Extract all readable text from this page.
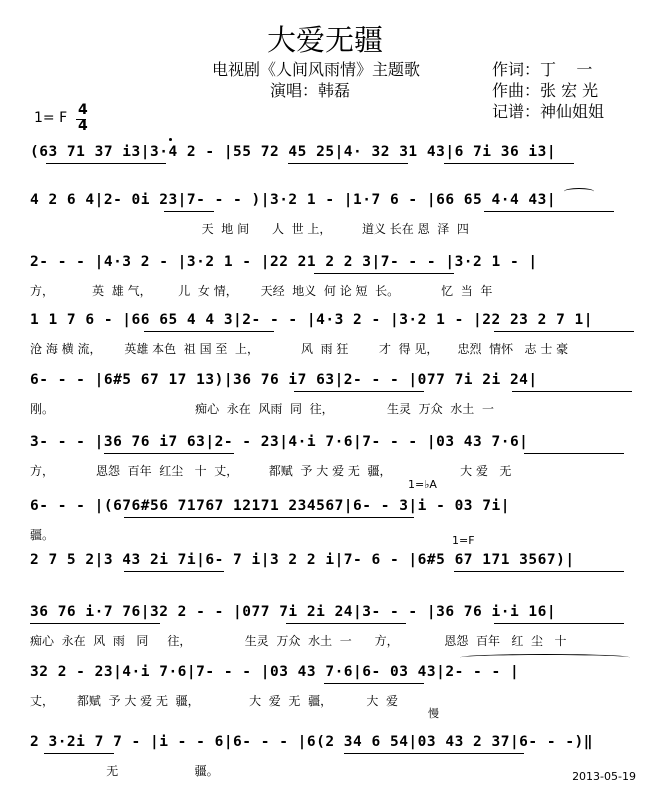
大爱无疆
电视剧《人间风雨情》主题歌
演唱：韩磊
作词：丁    一
作曲：张 宏 光
记谱：神仙姐姐
1= F 4
4
(63 71 37 i3|3·4 2 - |55 72 45 25|4· 32 31 43|6 7i 36 i3|
4 2 6 4|2- 0i 23|7- - - )|3·2 1 - |1·7 6 - |66 65 4·4 43|
天  地 间      人  世 上，        道义 长在 恩  泽  四
2- - - |4·3 2 - |3·2 1 - |22 21 2 2 3|7- - - |3·2 1 - |
方，          英  雄 气，       儿  女 情，      天经  地义  何 论 短  长。           忆  当  年
1 1 7 6 - |66 65 4 4 3|2- - - |4·3 2 - |3·2 1 - |22 23 2 7 1|
沧 海 横 流，      英雄 本色  祖 国 至  上，           风  雨 狂        才  得 见，     忠烈  情怀   志 士 豪
6- - - |6#5 67 17 13)|36 76 i7 63|2- - - |077 7i 2i 24|
刚。                                     痴心  永在  风雨  同  往，              生灵  万众  水土  一
3- - - |36 76 i7 63|2- - 23|4·i 7·6|7- - - |03 43 7·6|
方，           恩怨  百年  红尘   十  丈，        都赋  予 大 爱 无  疆，                  大 爱   无
1=♭A
6- - - |(676#56 71767 12171 234567|6- - 3|i - 03 7i|
疆。	1=F
2 7 5 2|3 43 2i 7i|6- 7 i|3 2 2 i|7- 6 - |6#5 67 171 3567)|
36 76 i·7 76|32 2 - - |077 7i 2i 24|3- - - |36 76 i·i 16|
痴心  永在  风  雨   同     往，              生灵  万众  水土  一      方，            恩怨  百年   红  尘   十
32 2 - 23|4·i 7·6|7- - - |03 43 7·6|6- 03 43|2- - - |
丈，      都赋  予 大 爱 无  疆，             大  爱  无  疆，         大  爱
慢
2 3·2i 7 7 - |i - - 6|6- - - |6(2 34 6 54|03 43 2 37|6- - -)‖
无                    疆。	2013-05-19
